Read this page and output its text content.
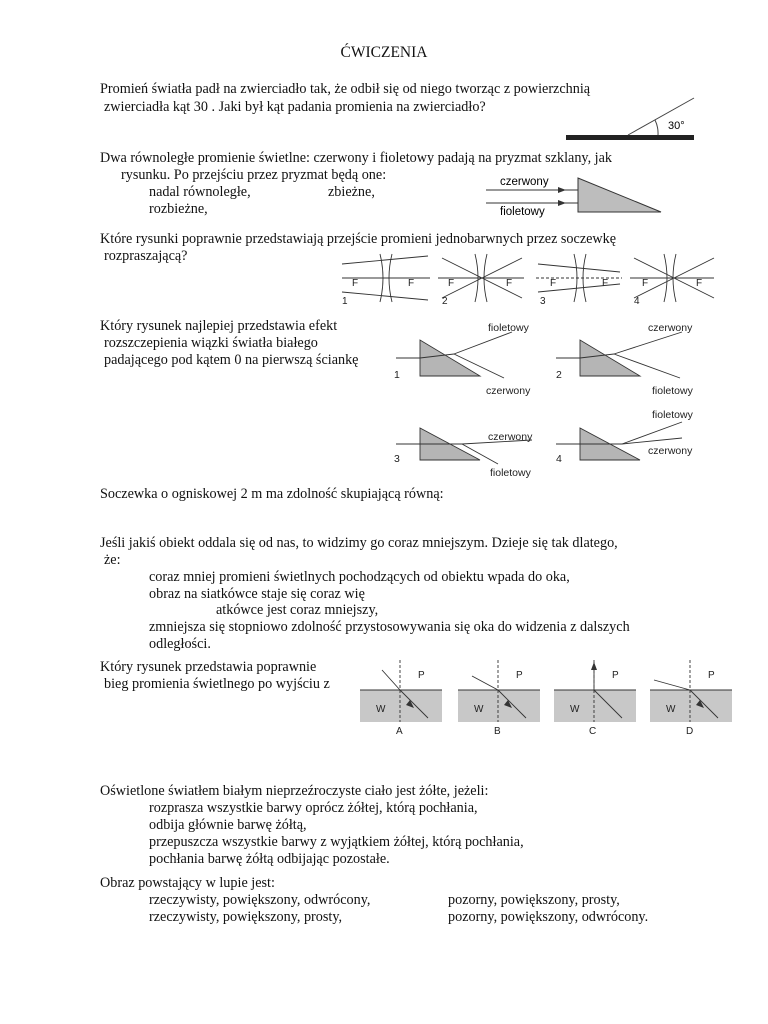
ĆWICZENIA
Promień światła padł na zwierciadło tak, że odbił się od niego tworząc z powierzchnią
zwierciadła kąt 30 . Jaki był kąt padania promienia na zwierciadło?
30°
Dwa równoległe promienie świetlne: czerwony i fioletowy padają na pryzmat szklany, jak
rysunku. Po przejściu przez pryzmat będą one:
nadal równoległe,	zbieżne,
rozbieżne,
czerwony
fioletowy
Które rysunki poprawnie przedstawiają przejście promieni jednobarwnych przez soczewkę
rozpraszającą?
F	F	F	F	F	F	F	F
1	2	3	4
Który rysunek najlepiej przedstawia efekt
rozszczepienia wiązki światła białego
padającego pod kątem 0 na pierwszą ściankę
fioletowy
czerwony
czerwony
fioletowy
czerwony
fioletowy
fioletowy
czerwony
1	2
3	4
Soczewka o ogniskowej 2 m ma zdolność skupiającą równą:
Jeśli jakiś obiekt oddala się od nas, to widzimy go coraz mniejszym. Dzieje się tak dlatego,
że:
coraz mniej promieni świetlnych pochodzących od obiektu wpada do oka,
obraz na siatkówce staje się coraz wię
atkówce jest coraz mniejszy,
zmniejsza się stopniowo zdolność przystosowywania się oka do widzenia z dalszych
odległości.
Który rysunek przedstawia poprawnie
bieg promienia świetlnego po wyjściu z
P	P	P	P
W	W	W	W
A	B	C	D
Oświetlone światłem białym nieprzeźroczyste ciało jest żółte, jeżeli:
rozprasza wszystkie barwy oprócz żółtej, którą pochłania,
odbija głównie barwę żółtą,
przepuszcza wszystkie barwy z wyjątkiem żółtej, którą pochłania,
pochłania barwę żółtą odbijając pozostałe.
Obraz powstający w lupie jest:
rzeczywisty, powiększony, odwrócony,	pozorny, powiększony, prosty,
rzeczywisty, powiększony, prosty,	pozorny, powiększony, odwrócony.
